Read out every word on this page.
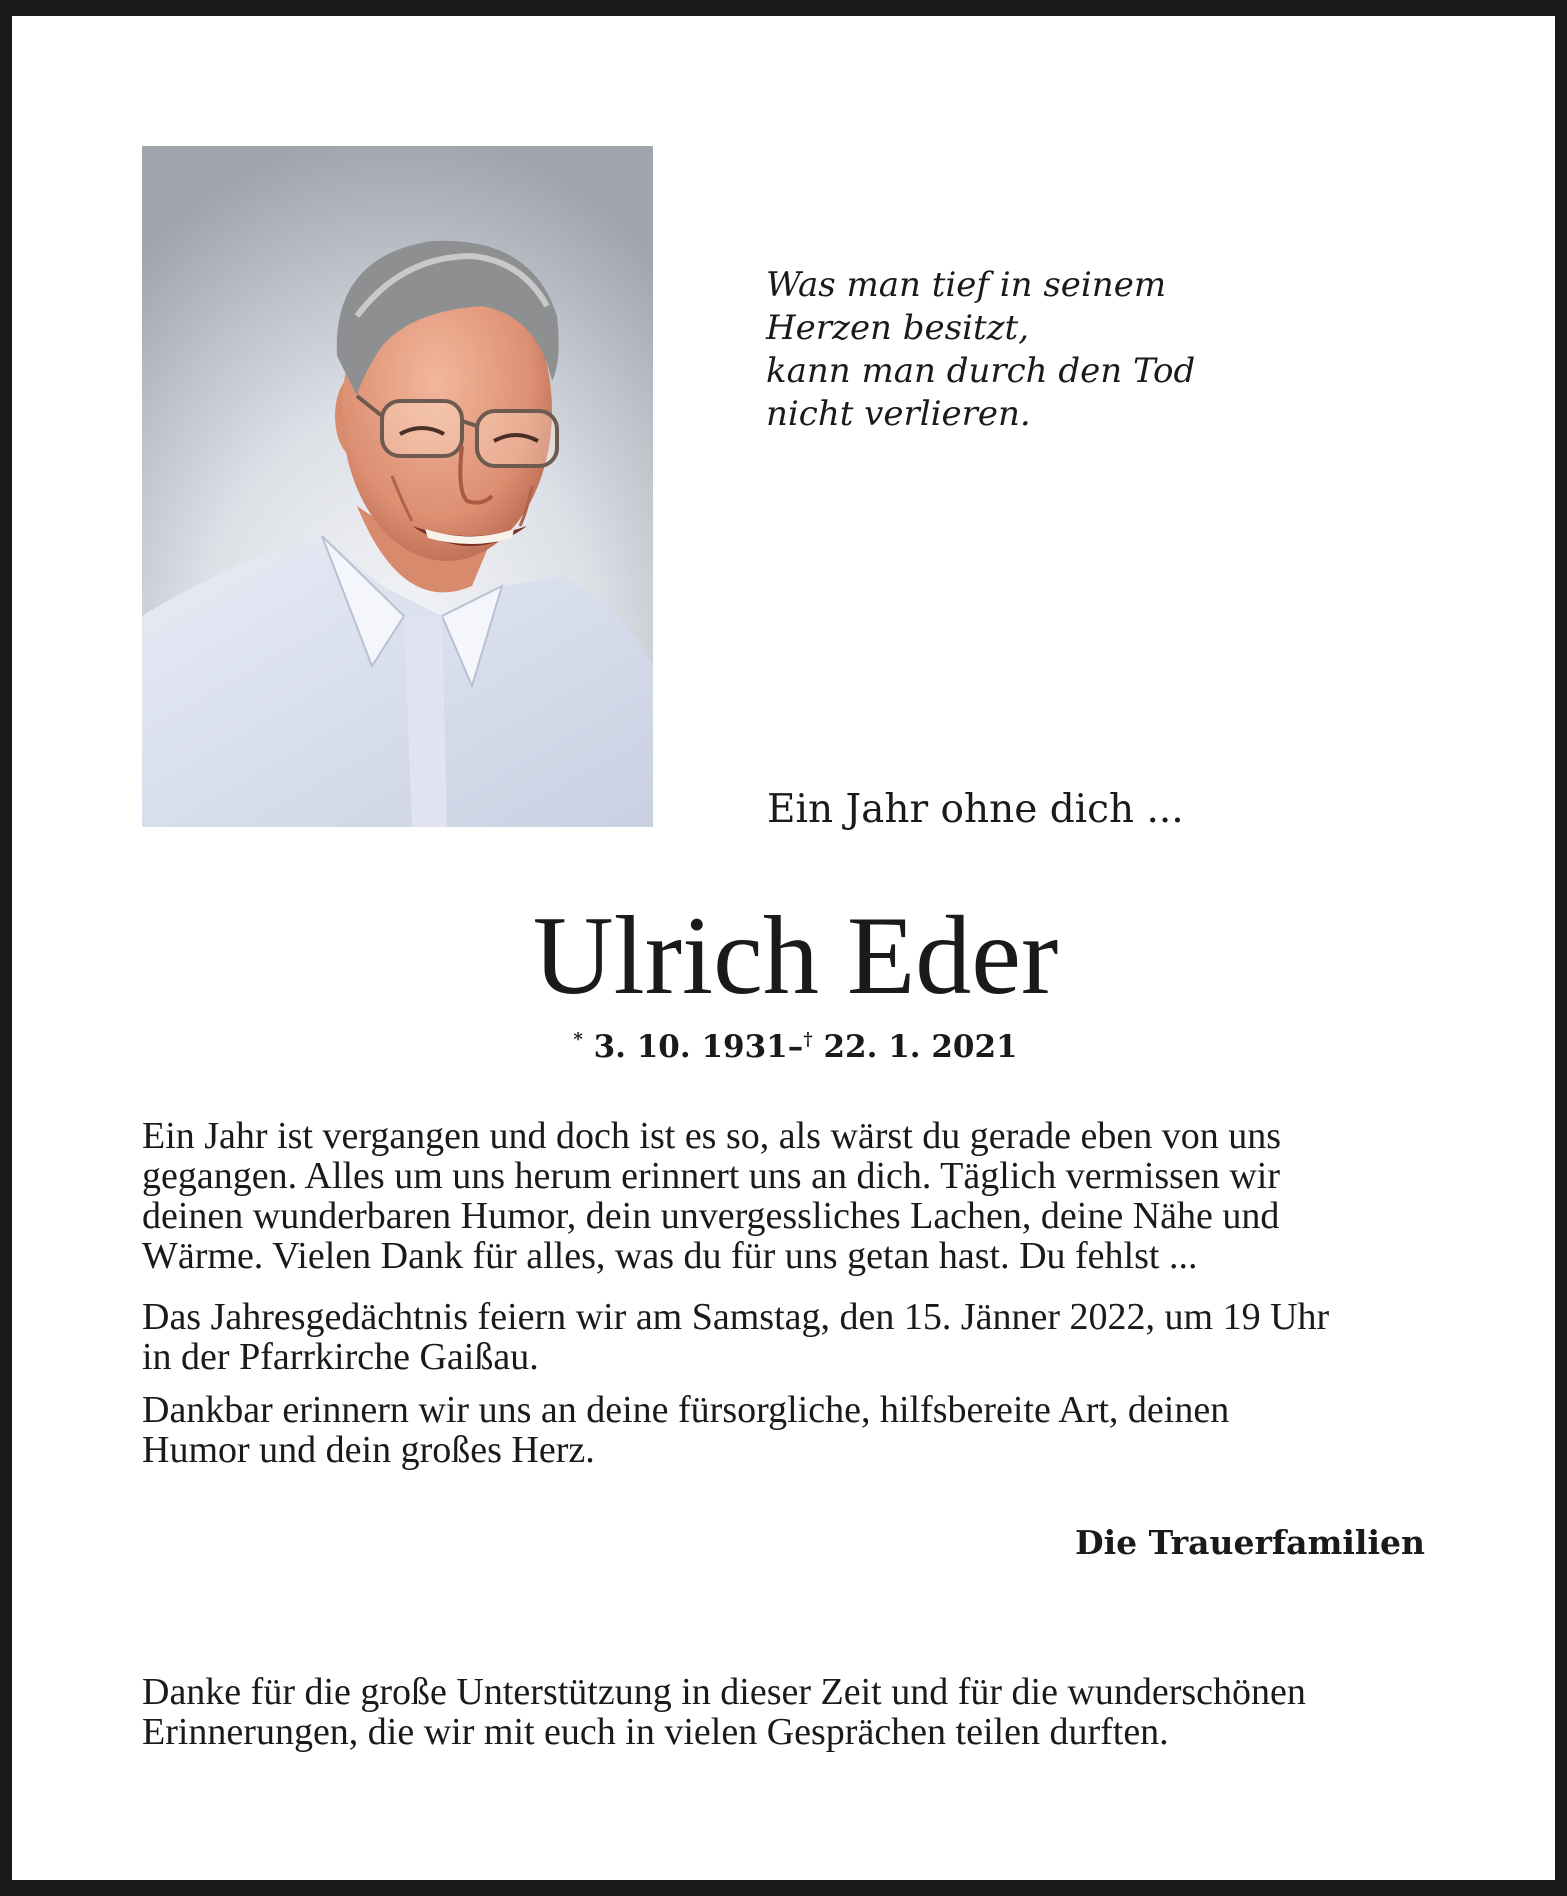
Was man tief in seinem
Herzen besitzt,
kann man durch den Tod
nicht verlieren.
Ein Jahr ohne dich ...
Ulrich Eder
* 3. 10. 1931–† 22. 1. 2021
Ein Jahr ist vergangen und doch ist es so, als wärst du gerade eben von uns
gegangen. Alles um uns herum erinnert uns an dich. Täglich vermissen wir
deinen wunderbaren Humor, dein unvergessliches Lachen, deine Nähe und
Wärme. Vielen Dank für alles, was du für uns getan hast. Du fehlst ...
Das Jahresgedächtnis feiern wir am Samstag, den 15. Jänner 2022, um 19 Uhr
in der Pfarrkirche Gaißau.
Dankbar erinnern wir uns an deine fürsorgliche, hilfsbereite Art, deinen
Humor und dein großes Herz.
Die Trauerfamilien
Danke für die große Unterstützung in dieser Zeit und für die wunderschönen
Erinnerungen, die wir mit euch in vielen Gesprächen teilen durften.
